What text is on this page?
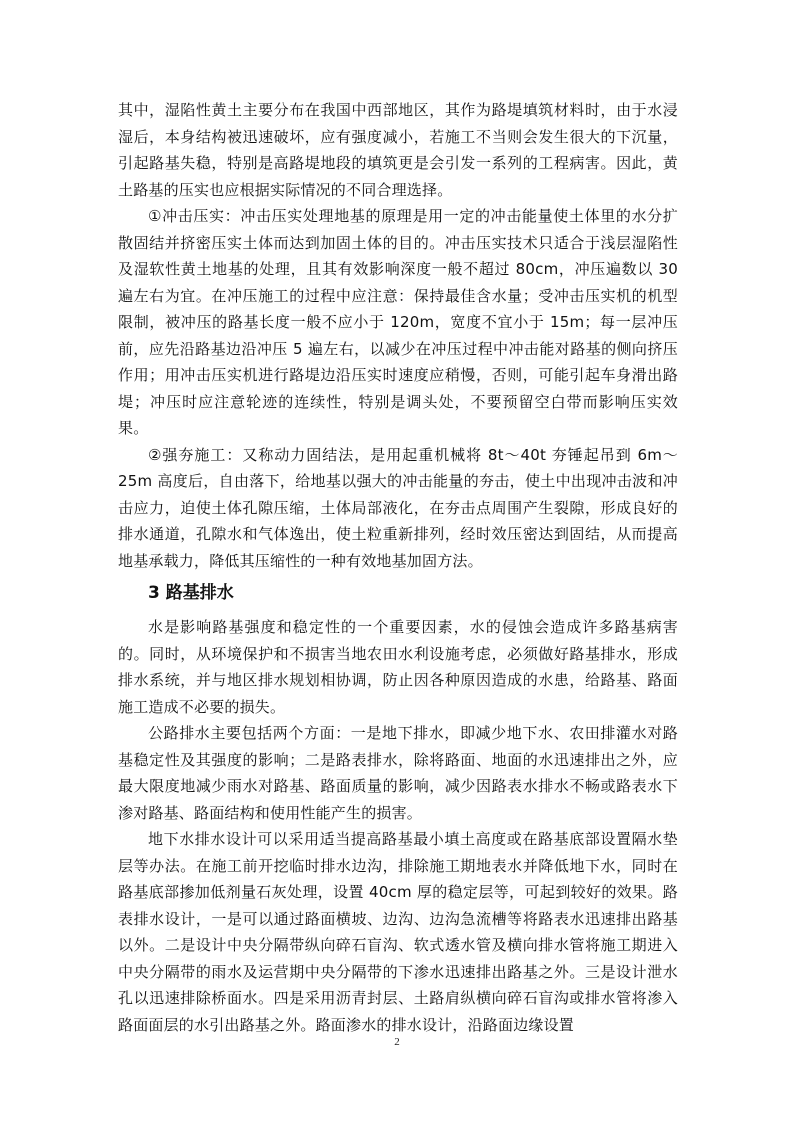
其中，湿陷性黄土主要分布在我国中西部地区，其作为路堤填筑材料时，由于水浸湿后，本身结构被迅速破坏，应有强度减小，若施工不当则会发生很大的下沉量，引起路基失稳，特别是高路堤地段的填筑更是会引发一系列的工程病害。因此，黄土路基的压实也应根据实际情况的不同合理选择。

①冲击压实：冲击压实处理地基的原理是用一定的冲击能量使土体里的水分扩散固结并挤密压实土体而达到加固土体的目的。冲击压实技术只适合于浅层湿陷性及湿软性黄土地基的处理，且其有效影响深度一般不超过 80cm，冲压遍数以 30 遍左右为宜。在冲压施工的过程中应注意：保持最佳含水量；受冲击压实机的机型限制，被冲压的路基长度一般不应小于 120m，宽度不宜小于 15m；每一层冲压前，应先沿路基边沿冲压 5 遍左右，以减少在冲压过程中冲击能对路基的侧向挤压作用；用冲击压实机进行路堤边沿压实时速度应稍慢，否则，可能引起车身滑出路堤；冲压时应注意轮迹的连续性，特别是调头处，不要预留空白带而影响压实效果。

②强夯施工：又称动力固结法，是用起重机械将 8t～40t 夯锤起吊到 6m～25m 高度后，自由落下，给地基以强大的冲击能量的夯击，使土中出现冲击波和冲击应力，迫使土体孔隙压缩，土体局部液化，在夯击点周围产生裂隙，形成良好的排水通道，孔隙水和气体逸出，使土粒重新排列，经时效压密达到固结，从而提高地基承载力，降低其压缩性的一种有效地基加固方法。

3 路基排水

水是影响路基强度和稳定性的一个重要因素，水的侵蚀会造成许多路基病害的。同时，从环境保护和不损害当地农田水利设施考虑，必须做好路基排水，形成排水系统，并与地区排水规划相协调，防止因各种原因造成的水患，给路基、路面施工造成不必要的损失。

公路排水主要包括两个方面：一是地下排水，即减少地下水、农田排灌水对路基稳定性及其强度的影响；二是路表排水，除将路面、地面的水迅速排出之外，应最大限度地减少雨水对路基、路面质量的影响，减少因路表水排水不畅或路表水下渗对路基、路面结构和使用性能产生的损害。

地下水排水设计可以采用适当提高路基最小填土高度或在路基底部设置隔水垫层等办法。在施工前开挖临时排水边沟，排除施工期地表水并降低地下水，同时在路基底部掺加低剂量石灰处理，设置 40cm 厚的稳定层等，可起到较好的效果。路表排水设计，一是可以通过路面横坡、边沟、边沟急流槽等将路表水迅速排出路基以外。二是设计中央分隔带纵向碎石盲沟、软式透水管及横向排水管将施工期进入中央分隔带的雨水及运营期中央分隔带的下渗水迅速排出路基之外。三是设计泄水孔以迅速排除桥面水。四是采用沥青封层、土路肩纵横向碎石盲沟或排水管将渗入路面面层的水引出路基之外。路面渗水的排水设计，沿路面边缘设置

2
